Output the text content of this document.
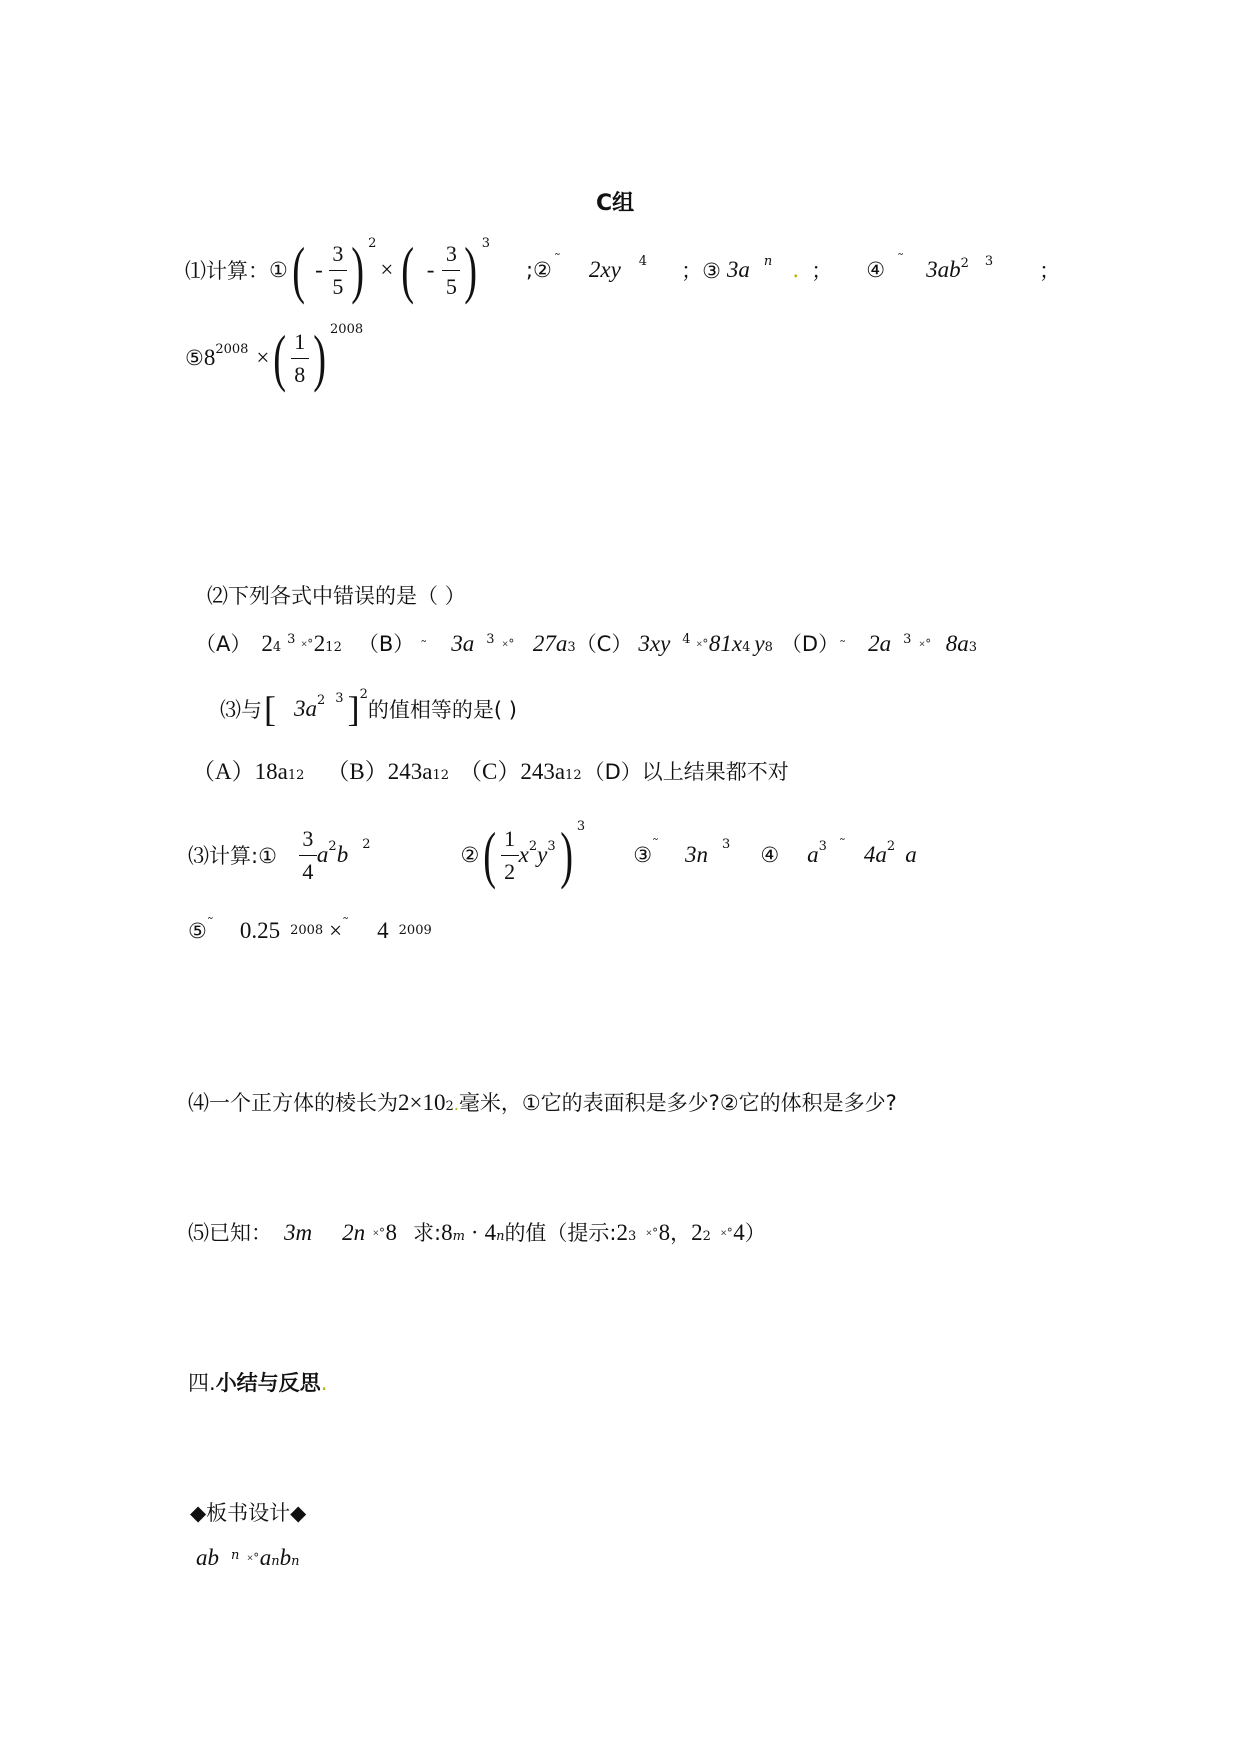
C组
⑴计算： ① ( - $\frac{3}{5}$ ) 2
× ( - $\frac{3}{5}$ ) 3
;② ˜ 2xy 4 ；③ 3a n . ； ④ ˜ 3ab 2 3 ；
⑤ 8 2008 × ( $\frac{1}{8}$ ) 2008
⑵下列各式中错误的是（ ）
（A） 2 4
3 ˟˚ 2 12 （B） ˜ 3a 3 ˟˚ 27a 3 （C） 3xy 4 ˟˚ 81x 4 y 8 （D） ˜ 2a 3 ˟˚ 8a 3
⑶与 [ 3a 2 3 ] 2
的值相等的是( )
（A）18a 12 （B）243a 12 （C）243a 12 （D） 以上结果都不对
⑶计算:① $\frac{3}{4}$ a 2 b 2	② ( $\frac{1}{2}$ x 2 y 3 ) 3
③ ˜ 3n 3 ④ a 3 ˜ 4a 2 a
⑤ ˜ 0.25 2008 × ˜ 4 2009
⑷一个正方体的棱长为 2×10 2 . 毫米，①它的表面积是多少?②它的体积是多少?
⑸已知： 3m 2n ˟˚ 8 求: 8 m · 4 n 的值（提示: 2 3 ˟˚ 8 ， 2 2 ˟˚ 4 ）
四.小结与反思.
◆板书设计◆
ab n ˟˚ a n b n
